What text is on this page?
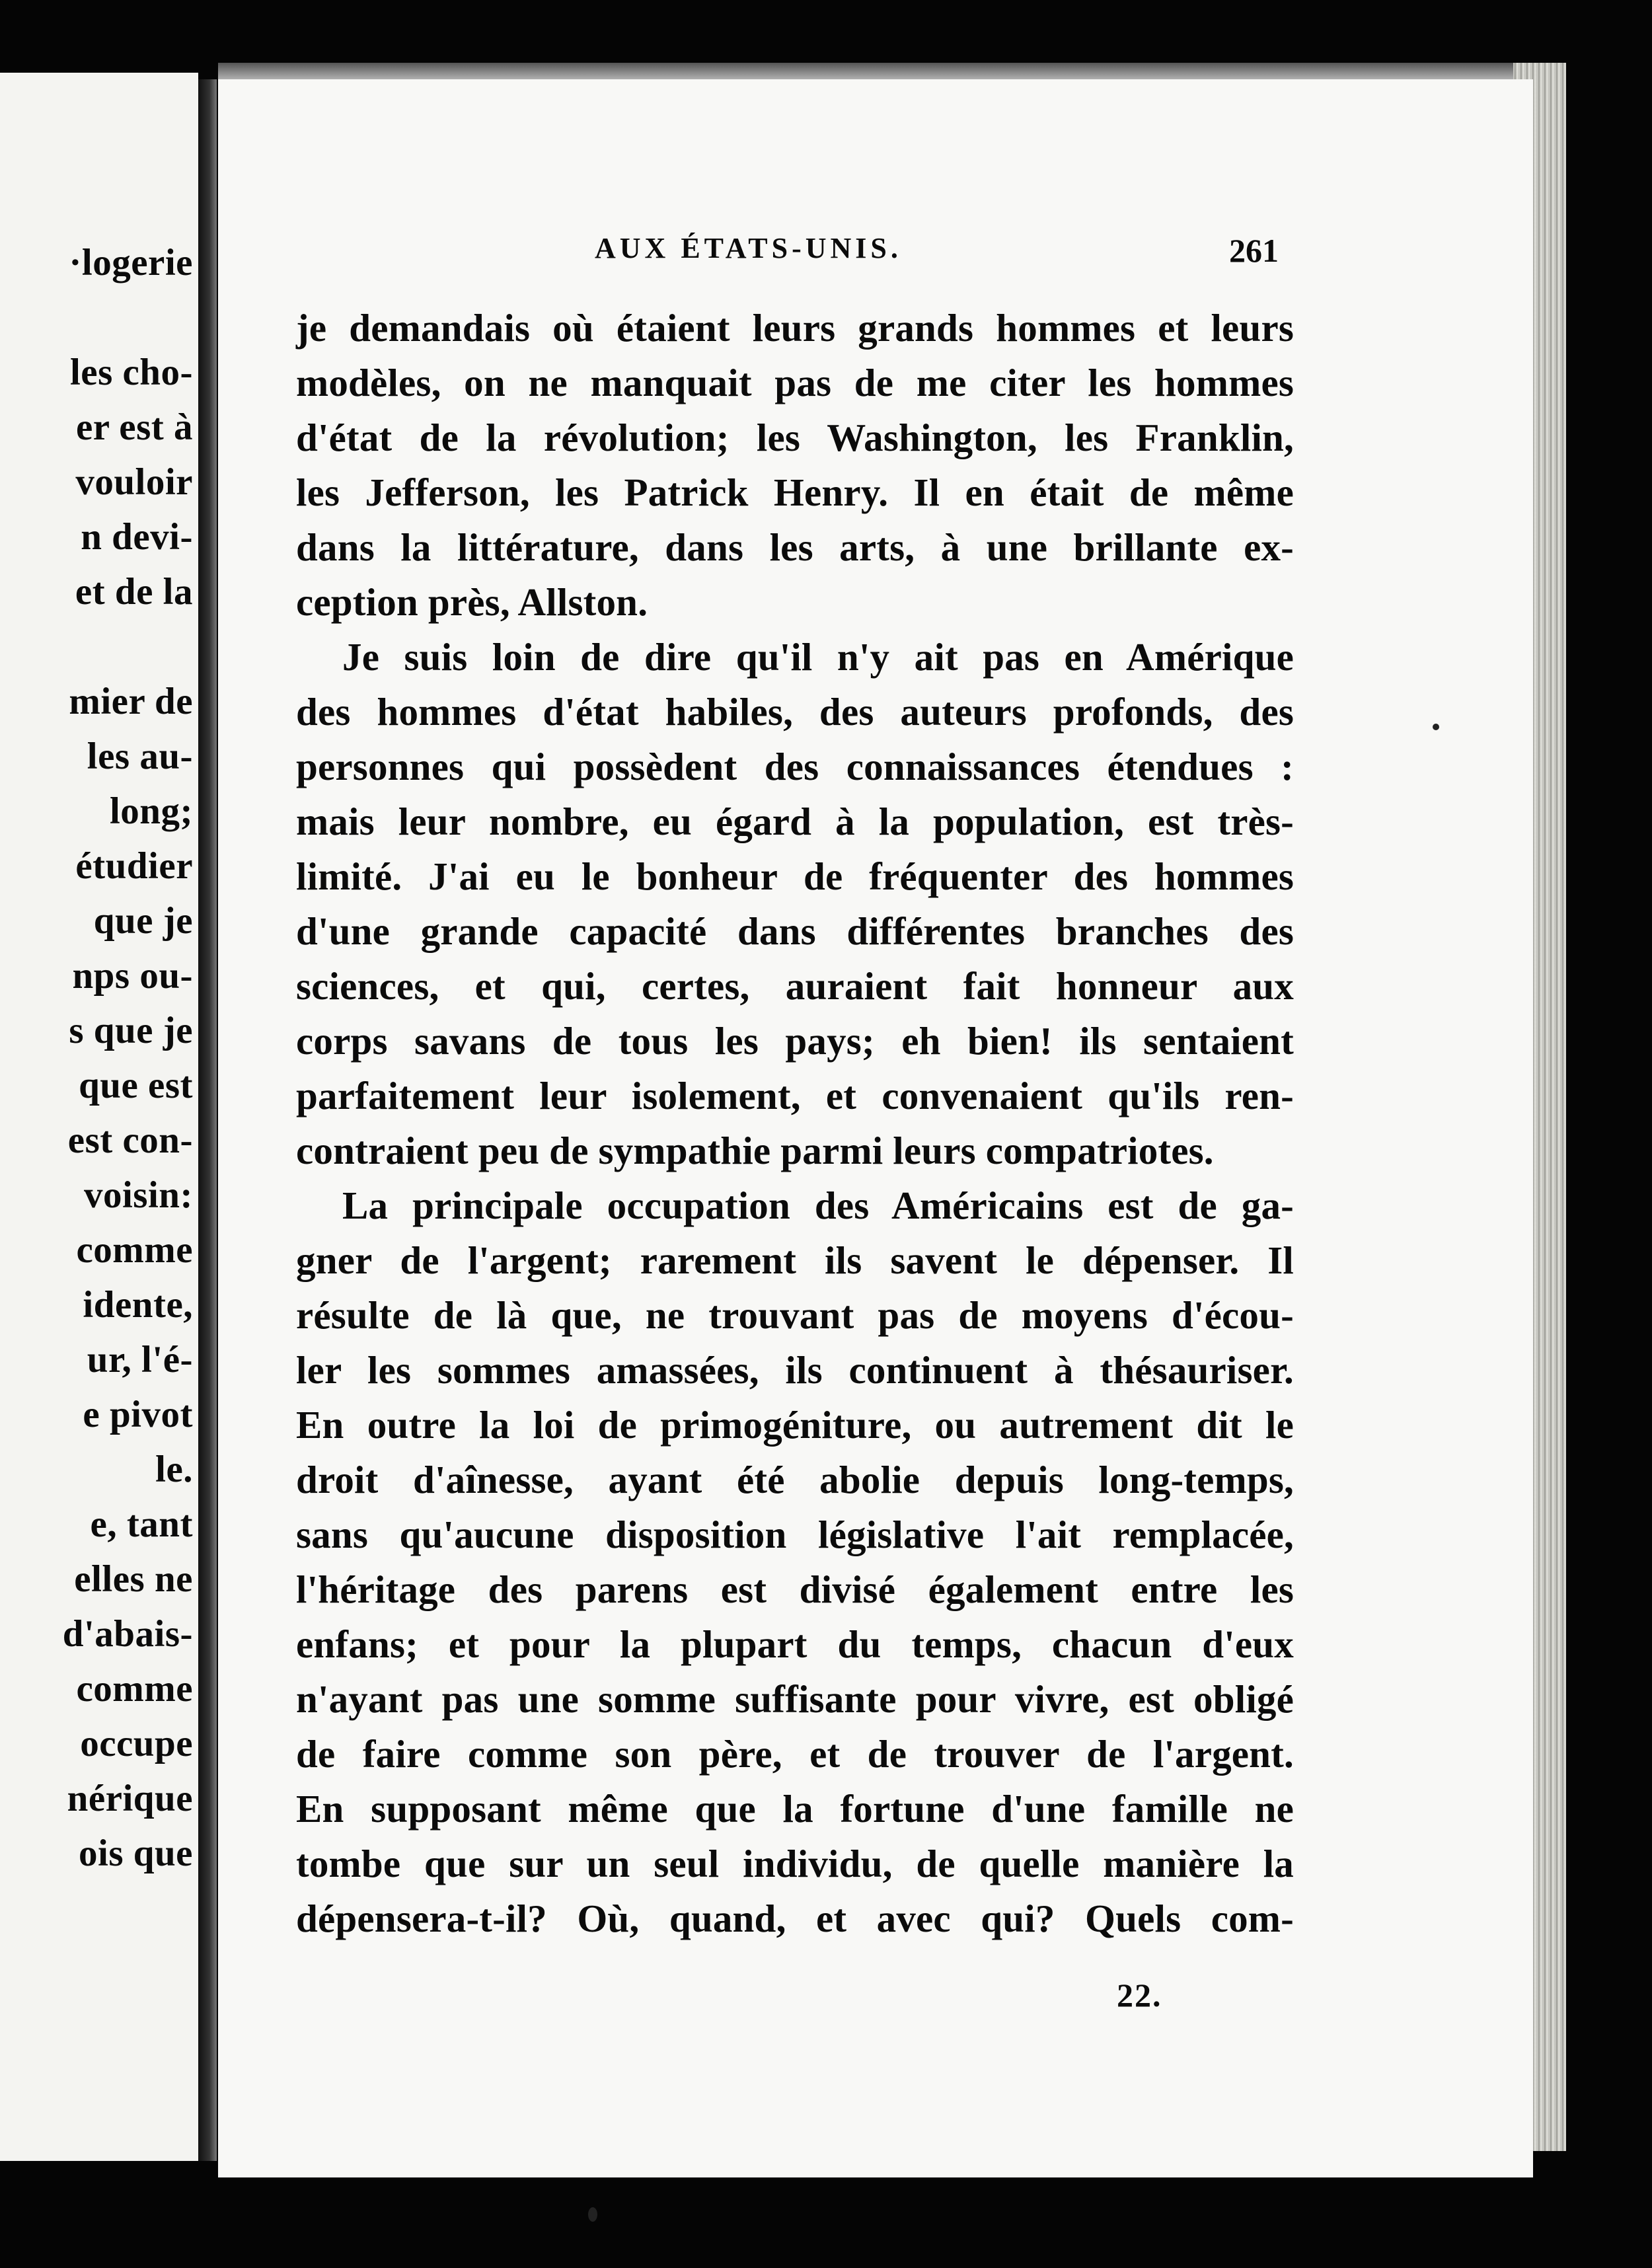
·logerie
les cho-
er est à
vouloir
n devi-
et de la
mier de
les au-
long;
étudier
que je
nps ou-
s que je
que est
est con-
voisin:
comme
idente,
ur, l'é-
e pivot
le.
e, tant
elles ne
d'abais-
comme
occupe
nérique
ois que
AUX ÉTATS-UNIS.	261
je demandais où étaient leurs grands hommes et leurs
modèles, on ne manquait pas de me citer les hommes
d'état de la révolution; les Washington, les Franklin,
les Jefferson, les Patrick Henry. Il en était de même
dans la littérature, dans les arts, à une brillante ex-
ception près, Allston.
Je suis loin de dire qu'il n'y ait pas en Amérique
des hommes d'état habiles, des auteurs profonds, des
personnes qui possèdent des connaissances étendues :
mais leur nombre, eu égard à la population, est très-
limité. J'ai eu le bonheur de fréquenter des hommes
d'une grande capacité dans différentes branches des
sciences, et qui, certes, auraient fait honneur aux
corps savans de tous les pays; eh bien! ils sentaient
parfaitement leur isolement, et convenaient qu'ils ren-
contraient peu de sympathie parmi leurs compatriotes.
La principale occupation des Américains est de ga-
gner de l'argent; rarement ils savent le dépenser. Il
résulte de là que, ne trouvant pas de moyens d'écou-
ler les sommes amassées, ils continuent à thésauriser.
En outre la loi de primogéniture, ou autrement dit le
droit d'aînesse, ayant été abolie depuis long-temps,
sans qu'aucune disposition législative l'ait remplacée,
l'héritage des parens est divisé également entre les
enfans; et pour la plupart du temps, chacun d'eux
n'ayant pas une somme suffisante pour vivre, est obligé
de faire comme son père, et de trouver de l'argent.
En supposant même que la fortune d'une famille ne
tombe que sur un seul individu, de quelle manière la
dépensera-t-il? Où, quand, et avec qui? Quels com-
22.
